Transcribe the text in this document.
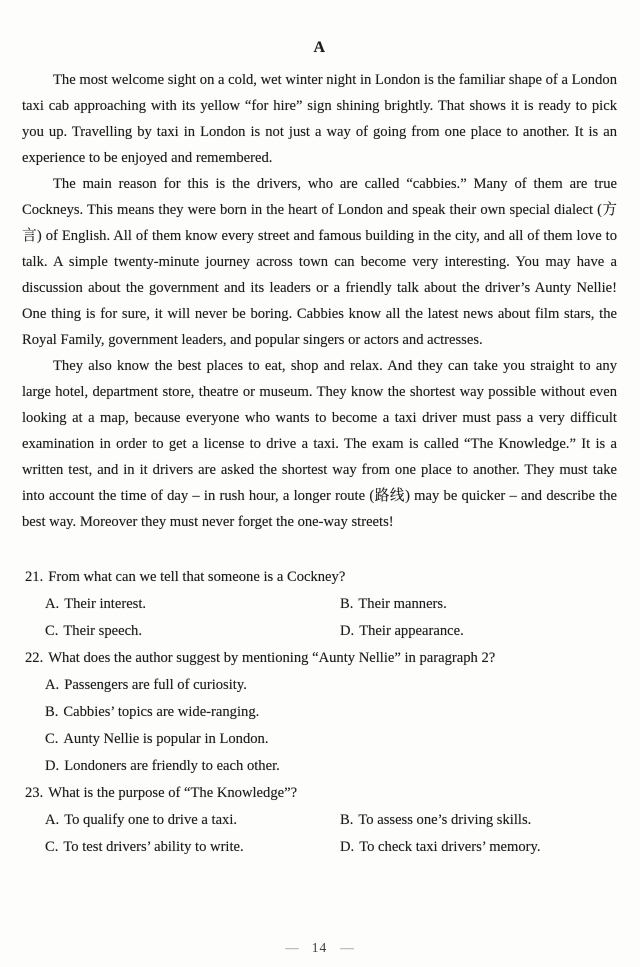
A

The most welcome sight on a cold, wet winter night in London is the familiar shape of a London taxi cab approaching with its yellow “for hire” sign shining brightly. That shows it is ready to pick you up. Travelling by taxi in London is not just a way of going from one place to another. It is an experience to be enjoyed and remembered.

The main reason for this is the drivers, who are called “cabbies.” Many of them are true Cockneys. This means they were born in the heart of London and speak their own special dialect (方言) of English. All of them know every street and famous building in the city, and all of them love to talk. A simple twenty-minute journey across town can become very interesting. You may have a discussion about the government and its leaders or a friendly talk about the driver’s Aunty Nellie! One thing is for sure, it will never be boring. Cabbies know all the latest news about film stars, the Royal Family, government leaders, and popular singers or actors and actresses.

They also know the best places to eat, shop and relax. And they can take you straight to any large hotel, department store, theatre or museum. They know the shortest way possible without even looking at a map, because everyone who wants to become a taxi driver must pass a very difficult examination in order to get a license to drive a taxi. The exam is called “The Knowledge.” It is a written test, and in it drivers are asked the shortest way from one place to another. They must take into account the time of day – in rush hour, a longer route (路线) may be quicker – and describe the best way. Moreover they must never forget the one-way streets!

21. From what can we tell that someone is a Cockney?
A. Their interest.	B. Their manners.
C. Their speech.	D. Their appearance.
22. What does the author suggest by mentioning “Aunty Nellie” in paragraph 2?
A. Passengers are full of curiosity.
B. Cabbies’ topics are wide-ranging.
C. Aunty Nellie is popular in London.
D. Londoners are friendly to each other.
23. What is the purpose of “The Knowledge”?
A. To qualify one to drive a taxi.	B. To assess one’s driving skills.
C. To test drivers’ ability to write.	D. To check taxi drivers’ memory.
— 14 —
